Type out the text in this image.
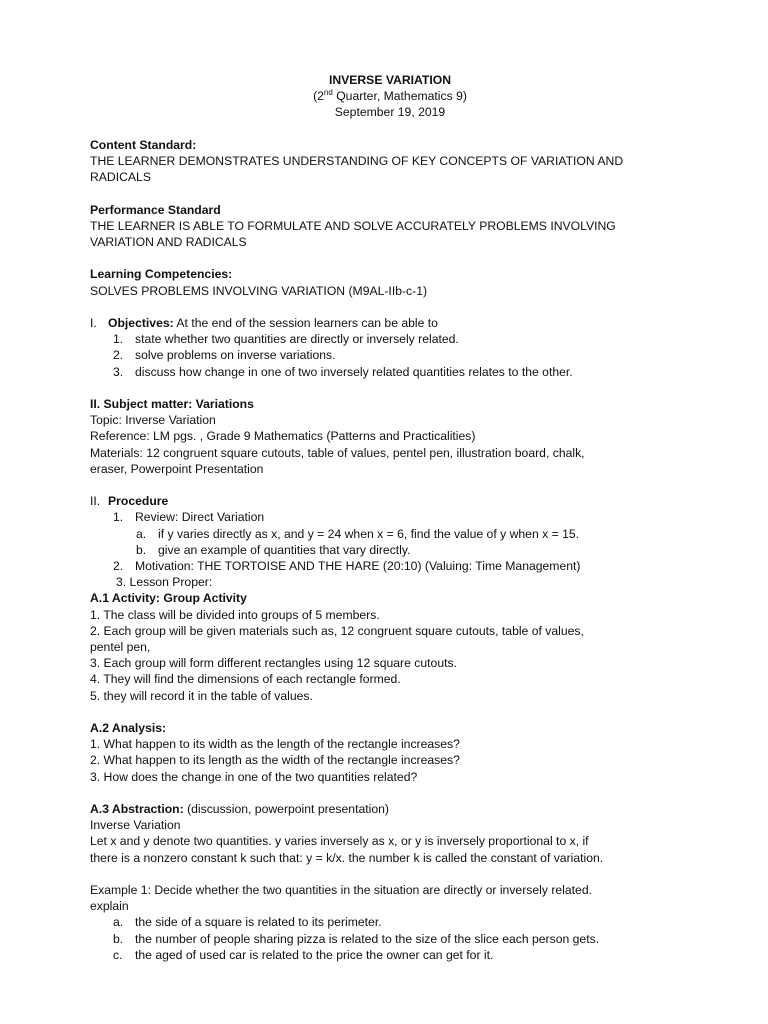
INVERSE VARIATION
(2nd Quarter, Mathematics 9)
September 19, 2019
Content Standard:
THE LEARNER DEMONSTRATES UNDERSTANDING OF KEY CONCEPTS OF VARIATION AND
RADICALS
Performance Standard
THE LEARNER IS ABLE TO FORMULATE AND SOLVE ACCURATELY PROBLEMS INVOLVING
VARIATION AND RADICALS
Learning Competencies:
SOLVES PROBLEMS INVOLVING VARIATION (M9AL-IIb-c-1)
I. Objectives: At the end of the session learners can be able to
1. state whether two quantities are directly or inversely related.
2. solve problems on inverse variations.
3. discuss how change in one of two inversely related quantities relates to the other.
II. Subject matter: Variations
Topic: Inverse Variation
Reference: LM pgs. , Grade 9 Mathematics (Patterns and Practicalities)
Materials: 12 congruent square cutouts, table of values, pentel pen, illustration board, chalk,
eraser, Powerpoint Presentation
II. Procedure
1. Review: Direct Variation
a. if y varies directly as x, and y = 24 when x = 6, find the value of y when x = 15.
b. give an example of quantities that vary directly.
2. Motivation: THE TORTOISE AND THE HARE (20:10) (Valuing: Time Management)
3. Lesson Proper:
A.1 Activity: Group Activity
1. The class will be divided into groups of 5 members.
2. Each group will be given materials such as, 12 congruent square cutouts, table of values,
pentel pen,
3. Each group will form different rectangles using 12 square cutouts.
4. They will find the dimensions of each rectangle formed.
5. they will record it in the table of values.
A.2 Analysis:
1. What happen to its width as the length of the rectangle increases?
2. What happen to its length as the width of the rectangle increases?
3. How does the change in one of the two quantities related?
A.3 Abstraction: (discussion, powerpoint presentation)
Inverse Variation
Let x and y denote two quantities. y varies inversely as x, or y is inversely proportional to x, if
there is a nonzero constant k such that: y = k/x. the number k is called the constant of variation.
Example 1: Decide whether the two quantities in the situation are directly or inversely related.
explain
a. the side of a square is related to its perimeter.
b. the number of people sharing pizza is related to the size of the slice each person gets.
c. the aged of used car is related to the price the owner can get for it.
